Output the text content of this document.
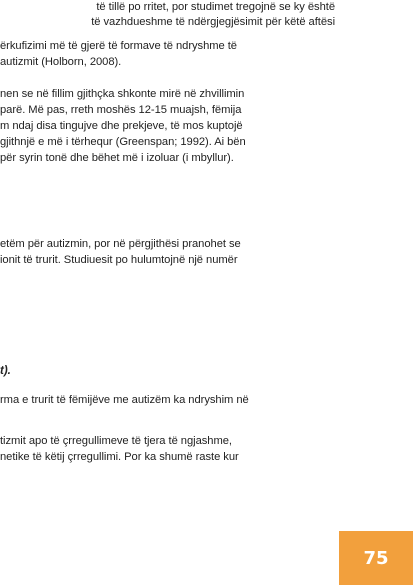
të tillë po rritet, por studimet tregojnë se ky është
të vazhdueshme të ndërgjegjësimit për këtë aftësi
ërkufizimi më të gjerë të formave të ndryshme të
autizmit (Holborn, 2008).
nen se në fillim gjithçka shkonte mirë në zhvillimin
parë. Më pas, rreth moshës 12-15 muajsh, fëmija
m ndaj disa tingujve dhe prekjeve, të mos kuptojë
gjithnjë e më i tërhequr (Greenspan; 1992). Ai bën
për syrin tonë dhe bëhet më i izoluar (i mbyllur).
etëm për autizmin, por në përgjithësi pranohet se
ionit të trurit. Studiuesit po hulumtojnë një numër
t).
rma e trurit të fëmijëve me autizëm ka ndryshim në
tizmit apo të çrregullimeve të tjera të ngjashme,
netike të këtij çrregullimi. Por ka shumë raste kur
75
